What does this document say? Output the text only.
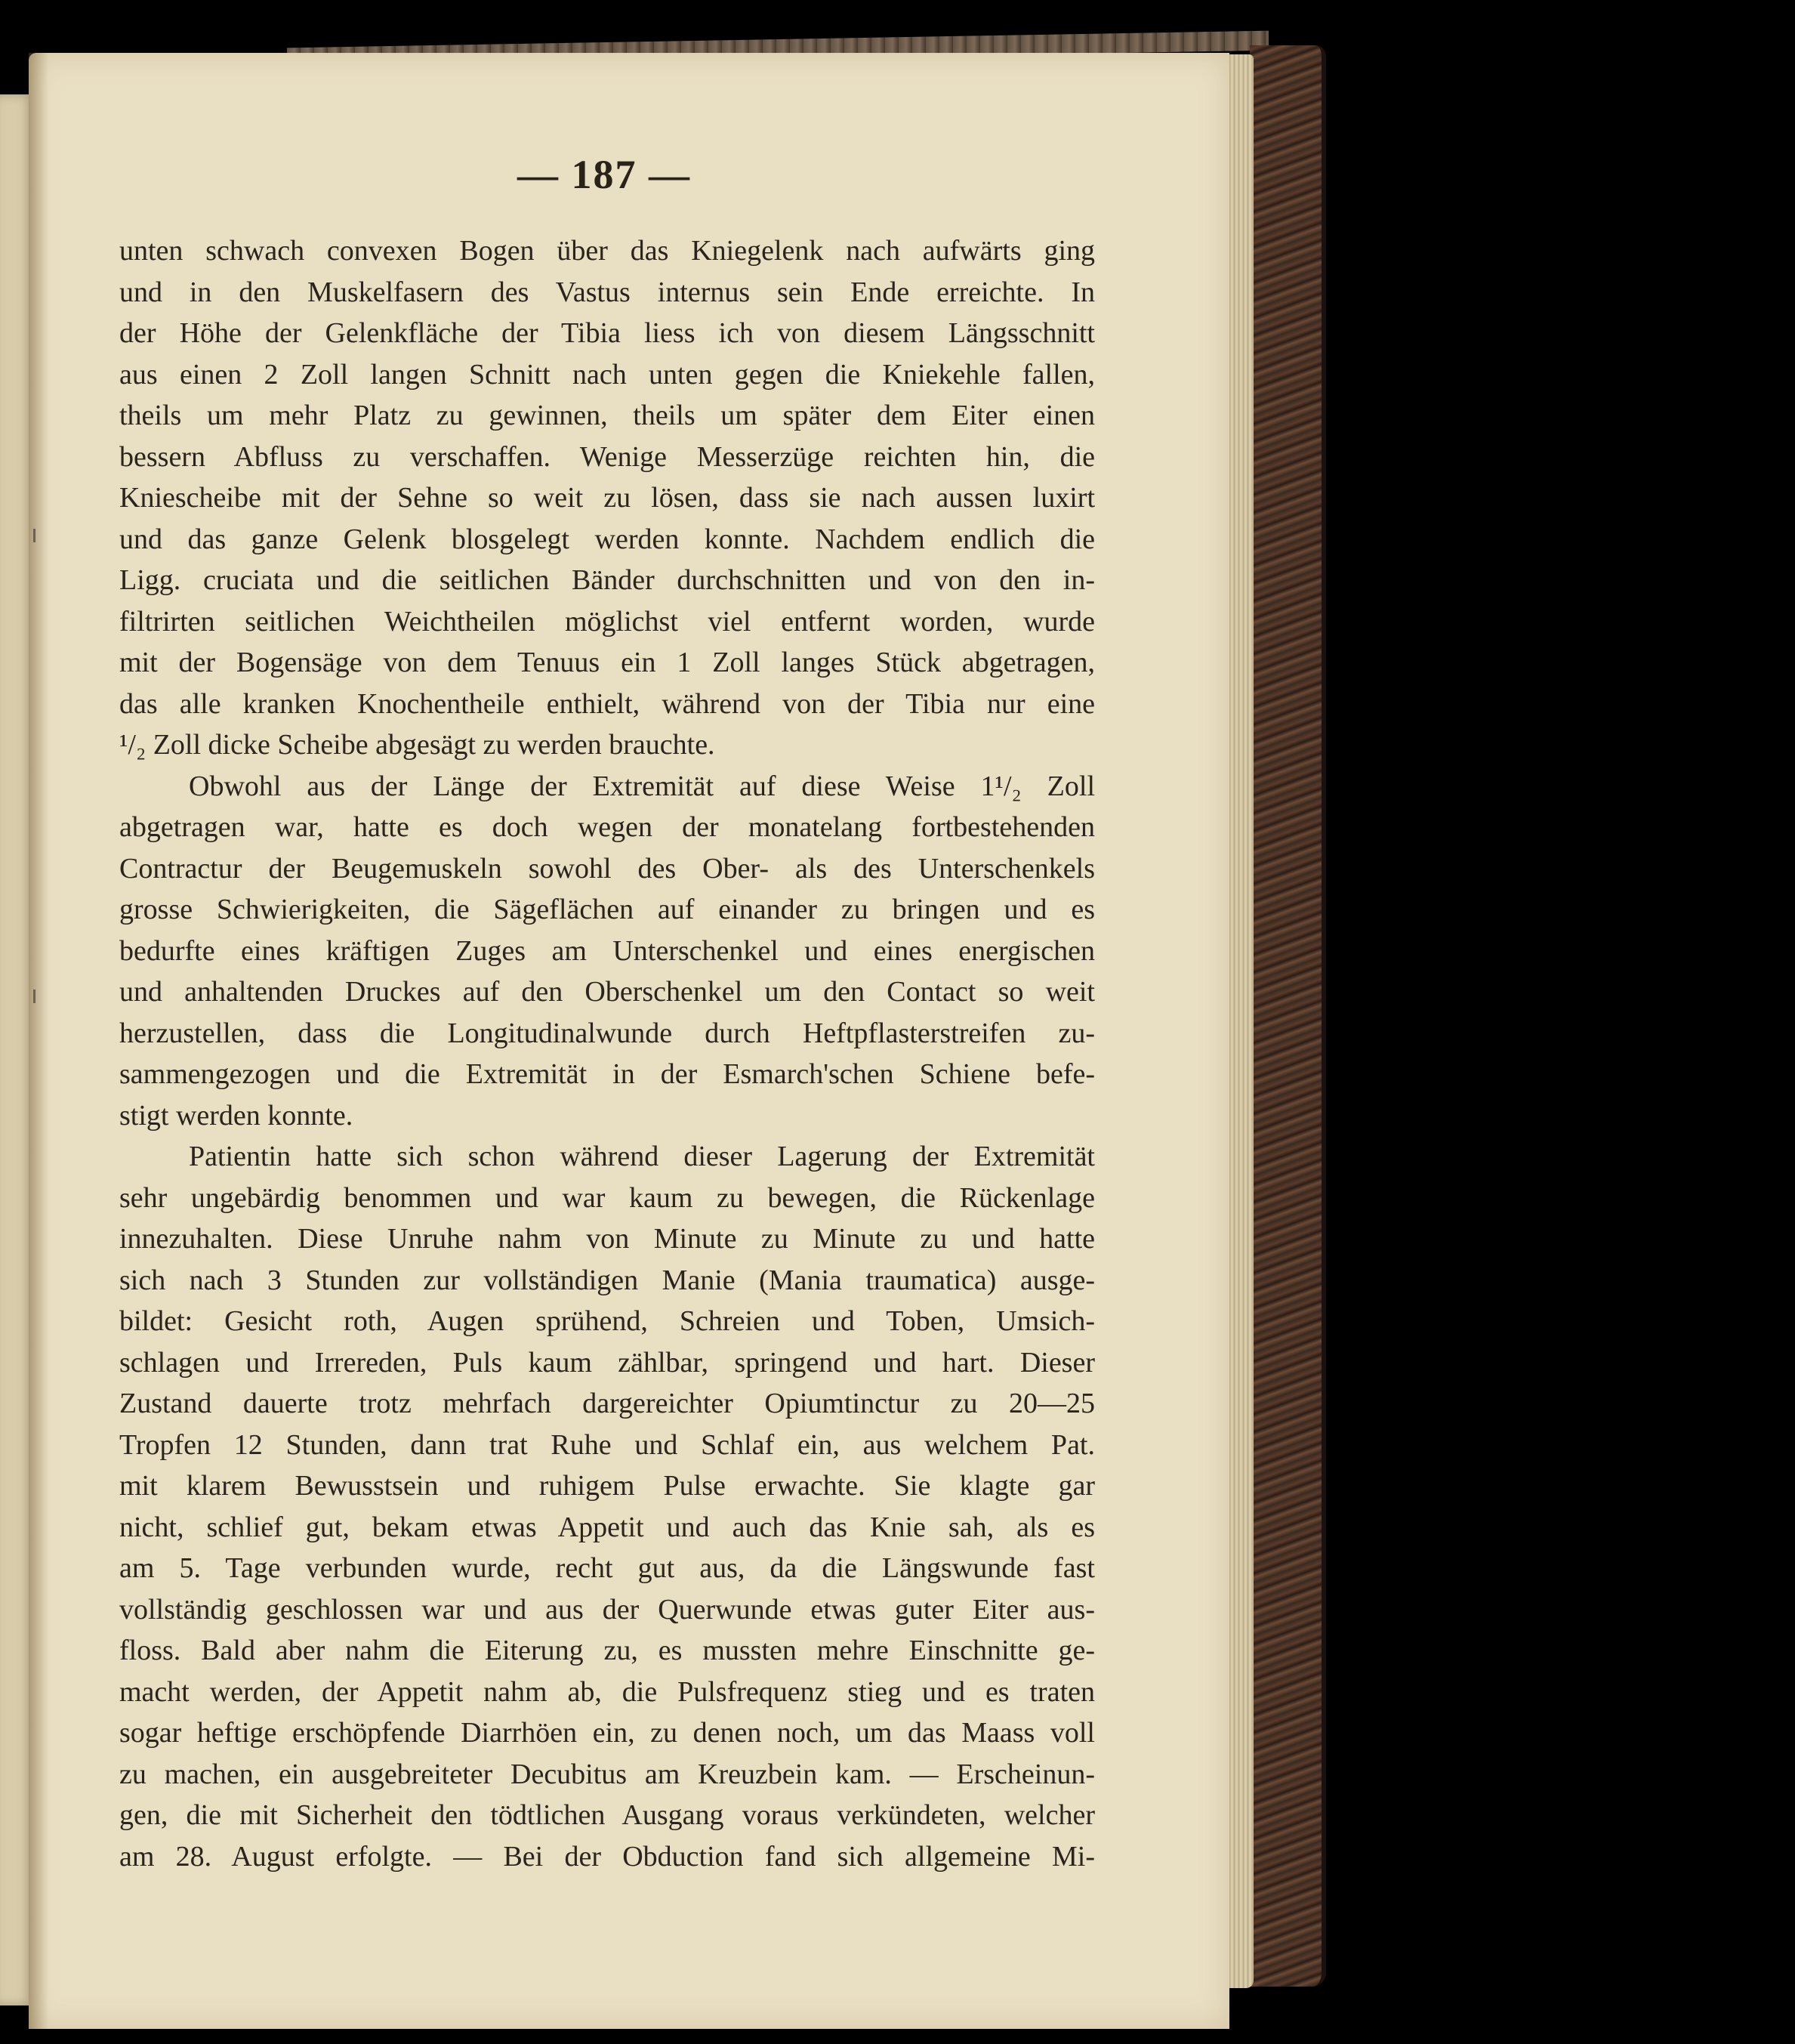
— 187 —
unten schwach convexen Bogen über das Kniegelenk nach aufwärts ging
und in den Muskelfasern des Vastus internus sein Ende erreichte. In
der Höhe der Gelenkfläche der Tibia liess ich von diesem Längsschnitt
aus einen 2 Zoll langen Schnitt nach unten gegen die Kniekehle fallen,
theils um mehr Platz zu gewinnen, theils um später dem Eiter einen
bessern Abfluss zu verschaffen. Wenige Messerzüge reichten hin, die
Kniescheibe mit der Sehne so weit zu lösen, dass sie nach aussen luxirt
und das ganze Gelenk blosgelegt werden konnte. Nachdem endlich die
Ligg. cruciata und die seitlichen Bänder durchschnitten und von den in-
filtrirten seitlichen Weichtheilen möglichst viel entfernt worden, wurde
mit der Bogensäge von dem Tenuus ein 1 Zoll langes Stück abgetragen,
das alle kranken Knochentheile enthielt, während von der Tibia nur eine
¹/₂ Zoll dicke Scheibe abgesägt zu werden brauchte.
Obwohl aus der Länge der Extremität auf diese Weise 1¹/₂ Zoll
abgetragen war, hatte es doch wegen der monatelang fortbestehenden
Contractur der Beugemuskeln sowohl des Ober- als des Unterschenkels
grosse Schwierigkeiten, die Sägeflächen auf einander zu bringen und es
bedurfte eines kräftigen Zuges am Unterschenkel und eines energischen
und anhaltenden Druckes auf den Oberschenkel um den Contact so weit
herzustellen, dass die Longitudinalwunde durch Heftpflasterstreifen zu-
sammengezogen und die Extremität in der Esmarch'schen Schiene befe-
stigt werden konnte.
Patientin hatte sich schon während dieser Lagerung der Extremität
sehr ungebärdig benommen und war kaum zu bewegen, die Rückenlage
innezuhalten. Diese Unruhe nahm von Minute zu Minute zu und hatte
sich nach 3 Stunden zur vollständigen Manie (Mania traumatica) ausge-
bildet: Gesicht roth, Augen sprühend, Schreien und Toben, Umsich-
schlagen und Irrereden, Puls kaum zählbar, springend und hart. Dieser
Zustand dauerte trotz mehrfach dargereichter Opiumtinctur zu 20—25
Tropfen 12 Stunden, dann trat Ruhe und Schlaf ein, aus welchem Pat.
mit klarem Bewusstsein und ruhigem Pulse erwachte. Sie klagte gar
nicht, schlief gut, bekam etwas Appetit und auch das Knie sah, als es
am 5. Tage verbunden wurde, recht gut aus, da die Längswunde fast
vollständig geschlossen war und aus der Querwunde etwas guter Eiter aus-
floss. Bald aber nahm die Eiterung zu, es mussten mehre Einschnitte ge-
macht werden, der Appetit nahm ab, die Pulsfrequenz stieg und es traten
sogar heftige erschöpfende Diarrhöen ein, zu denen noch, um das Maass voll
zu machen, ein ausgebreiteter Decubitus am Kreuzbein kam. — Erscheinun-
gen, die mit Sicherheit den tödtlichen Ausgang voraus verkündeten, welcher
am 28. August erfolgte. — Bei der Obduction fand sich allgemeine Mi-
